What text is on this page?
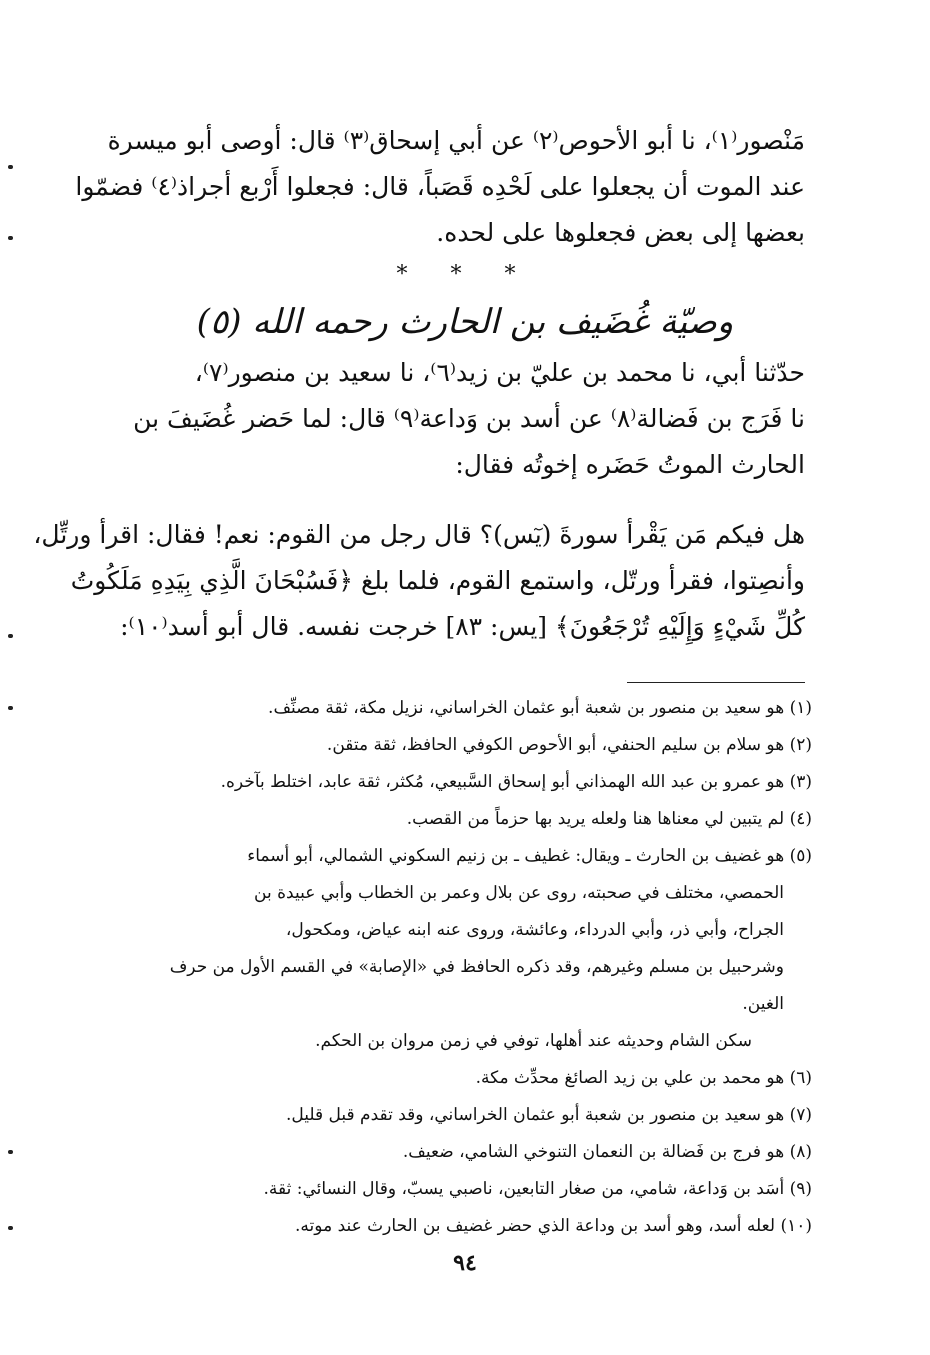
مَنْصور⁽١⁾، نا أبو الأحوص⁽٢⁾ عن أبي إسحاق⁽٣⁾ قال: أوصى أبو ميسرة
عند الموت أن يجعلوا على لَحْدِه قَصَباً، قال: فجعلوا أَرْبع أجراذ⁽٤⁾ فضمّوا
بعضها إلى بعض فجعلوها على لحده.
* * *
وصيّة غُضَيف بن الحارث رحمه الله (٥)
حدّثنا أبي، نا محمد بن عليّ بن زيد⁽٦⁾، نا سعيد بن منصور⁽٧⁾،
نا فَرَج بن فَضالة⁽٨⁾ عن أسد بن وَداعة⁽٩⁾ قال: لما حَضر غُضَيفَ بن
الحارث الموتُ حَضَره إخوتُه فقال:
هل فيكم مَن يَقْرأ سورةَ (يٓس)؟ قال رجل من القوم: نعم! فقال: اقرأ ورتِّل،
وأنصِتوا، فقرأ ورتّل، واستمع القوم، فلما بلغ ﴿فَسُبْحَانَ الَّذِي بِيَدِهِ مَلَكُوتُ
كُلِّ شَيْءٍ وَإِلَيْهِ تُرْجَعُونَ﴾ [يس: ٨٣] خرجت نفسه. قال أبو أسد⁽١٠⁾:
(١) هو سعيد بن منصور بن شعبة أبو عثمان الخراساني، نزيل مكة، ثقة مصنِّف.
(٢) هو سلام بن سليم الحنفي، أبو الأحوص الكوفي الحافظ، ثقة متقن.
(٣) هو عمرو بن عبد الله الهمذاني أبو إسحاق السَّبيعي، مُكثر، ثقة عابد، اختلط بآخره.
(٤) لم يتبين لي معناها هنا ولعله يريد بها حزماً من القصب.
(٥) هو غضيف بن الحارث ـ ويقال: غطيف ـ بن زنيم السكوني الشمالي، أبو أسماء
الحمصي، مختلف في صحبته، روى عن بلال وعمر بن الخطاب وأبي عبيدة بن
الجراح، وأبي ذر، وأبي الدرداء، وعائشة، وروى عنه ابنه عياض، ومكحول،
وشرحبيل بن مسلم وغيرهم، وقد ذكره الحافظ في «الإصابة» في القسم الأول من حرف
الغين.
سكن الشام وحديثه عند أهلها، توفي في زمن مروان بن الحكم.
(٦) هو محمد بن علي بن زيد الصائغ محدِّث مكة.
(٧) هو سعيد بن منصور بن شعبة أبو عثمان الخراساني، وقد تقدم قبل قليل.
(٨) هو فرج بن فَضالة بن النعمان التنوخي الشامي، ضعيف.
(٩) أسَد بن وَداعة، شامي، من صغار التابعين، ناصبي يسبّ، وقال النسائي: ثقة.
(١٠) لعله أسد، وهو أسد بن وداعة الذي حضر غضيف بن الحارث عند موته.
٩٤
